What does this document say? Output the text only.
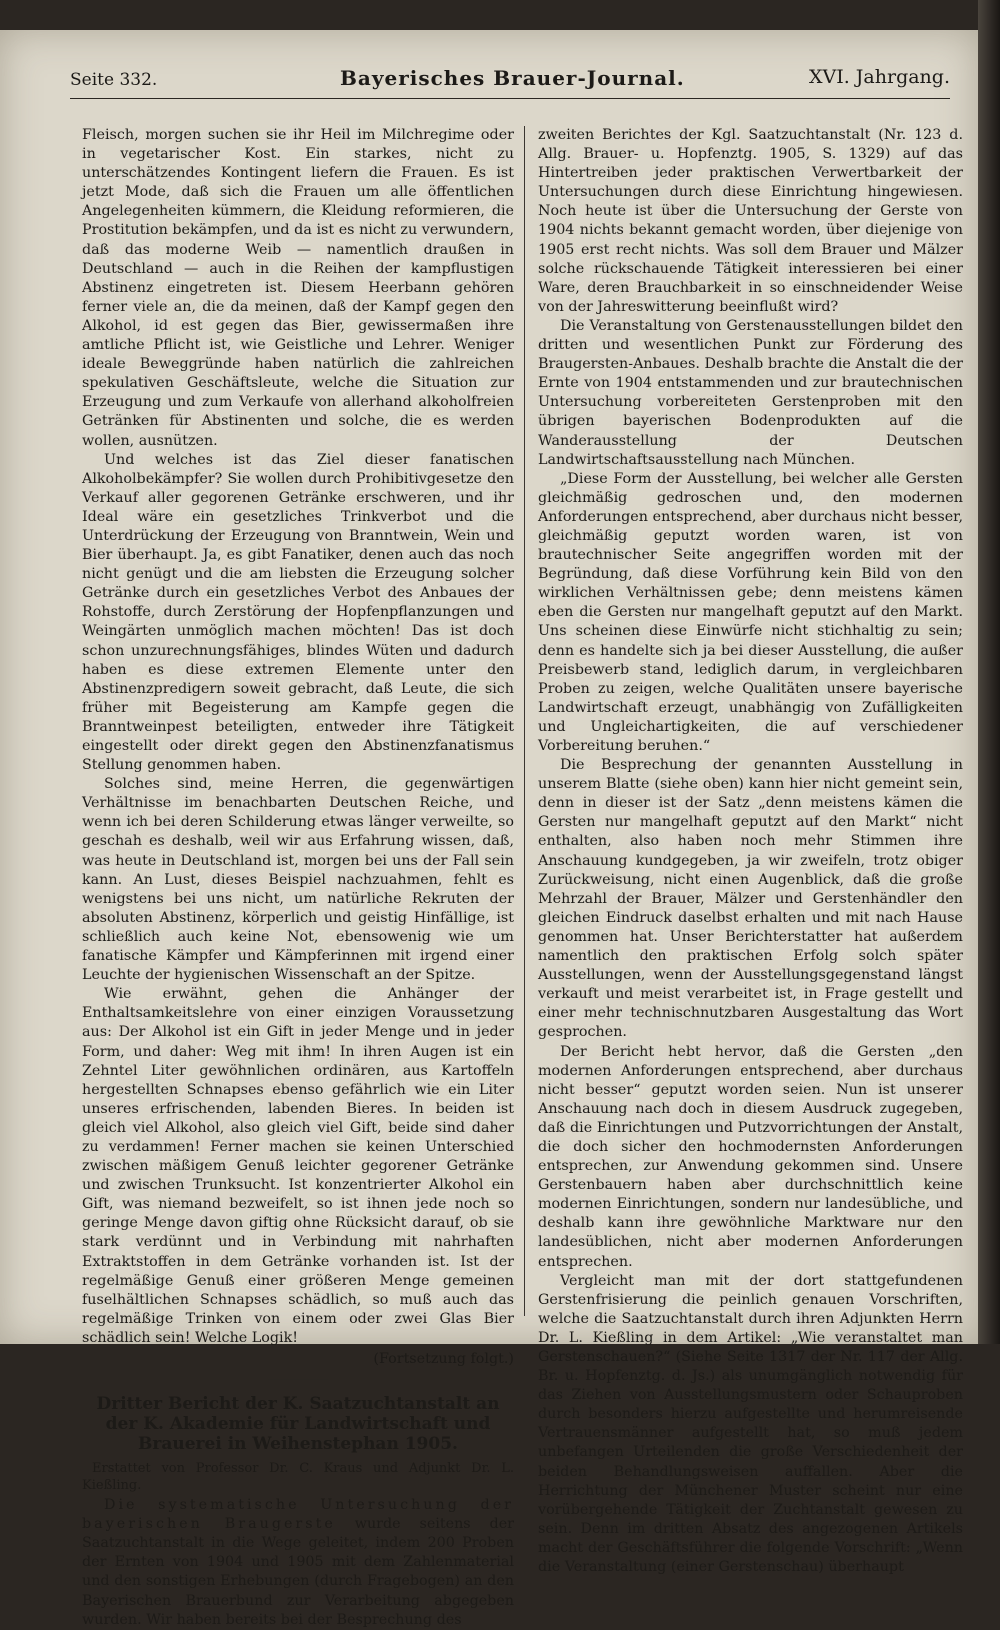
Seite 332.	Bayerisches Brauer-Journal.	XVI. Jahrgang.

Fleisch, morgen suchen sie ihr Heil im Milchregime oder in vegetarischer Kost. Ein starkes, nicht zu unterschätzendes Kontingent liefern die Frauen. Es ist jetzt Mode, daß sich die Frauen um alle öffentlichen Angelegenheiten kümmern, die Kleidung reformieren, die Prostitution bekämpfen, und da ist es nicht zu verwundern, daß das moderne Weib — namentlich draußen in Deutschland — auch in die Reihen der kampflustigen Abstinenz eingetreten ist. Diesem Heerbann gehören ferner viele an, die da meinen, daß der Kampf gegen den Alkohol, id est gegen das Bier, gewissermaßen ihre amtliche Pflicht ist, wie Geistliche und Lehrer. Weniger ideale Beweggründe haben natürlich die zahlreichen spekulativen Geschäftsleute, welche die Situation zur Erzeugung und zum Verkaufe von allerhand alkoholfreien Getränken für Abstinenten und solche, die es werden wollen, ausnützen.

Und welches ist das Ziel dieser fanatischen Alkoholbekämpfer? Sie wollen durch Prohibitivgesetze den Verkauf aller gegorenen Getränke erschweren, und ihr Ideal wäre ein gesetzliches Trinkverbot und die Unterdrückung der Erzeugung von Branntwein, Wein und Bier überhaupt. Ja, es gibt Fanatiker, denen auch das noch nicht genügt und die am liebsten die Erzeugung solcher Getränke durch ein gesetzliches Verbot des Anbaues der Rohstoffe, durch Zerstörung der Hopfenpflanzungen und Weingärten unmöglich machen möchten! Das ist doch schon unzurechnungsfähiges, blindes Wüten und dadurch haben es diese extremen Elemente unter den Abstinenzpredigern soweit gebracht, daß Leute, die sich früher mit Begeisterung am Kampfe gegen die Branntweinpest beteiligten, entweder ihre Tätigkeit eingestellt oder direkt gegen den Abstinenzfanatismus Stellung genommen haben.

Solches sind, meine Herren, die gegenwärtigen Verhältnisse im benachbarten Deutschen Reiche, und wenn ich bei deren Schilderung etwas länger verweilte, so geschah es deshalb, weil wir aus Erfahrung wissen, daß, was heute in Deutschland ist, morgen bei uns der Fall sein kann. An Lust, dieses Beispiel nachzuahmen, fehlt es wenigstens bei uns nicht, um natürliche Rekruten der absoluten Abstinenz, körperlich und geistig Hinfällige, ist schließlich auch keine Not, ebensowenig wie um fanatische Kämpfer und Kämpferinnen mit irgend einer Leuchte der hygienischen Wissenschaft an der Spitze.

Wie erwähnt, gehen die Anhänger der Enthaltsamkeitslehre von einer einzigen Voraussetzung aus: Der Alkohol ist ein Gift in jeder Menge und in jeder Form, und daher: Weg mit ihm! In ihren Augen ist ein Zehntel Liter gewöhnlichen ordinären, aus Kartoffeln hergestellten Schnapses ebenso gefährlich wie ein Liter unseres erfrischenden, labenden Bieres. In beiden ist gleich viel Alkohol, also gleich viel Gift, beide sind daher zu verdammen! Ferner machen sie keinen Unterschied zwischen mäßigem Genuß leichter gegorener Getränke und zwischen Trunksucht. Ist konzentrierter Alkohol ein Gift, was niemand bezweifelt, so ist ihnen jede noch so geringe Menge davon giftig ohne Rücksicht darauf, ob sie stark verdünnt und in Verbindung mit nahrhaften Extraktstoffen in dem Getränke vorhanden ist. Ist der regelmäßige Genuß einer größeren Menge gemeinen fuselhältlichen Schnapses schädlich, so muß auch das regelmäßige Trinken von einem oder zwei Glas Bier schädlich sein! Welche Logik!

(Fortsetzung folgt.)
Dritter Bericht der K. Saatzuchtanstalt an der K. Akademie für Landwirtschaft und Brauerei in Weihenstephan 1905.
Erstattet von Professor Dr. C. Kraus und Adjunkt Dr. L. Kießling.

Die systematische Untersuchung der bayerischen Braugerste wurde seitens der Saatzuchtanstalt in die Wege geleitet, indem 200 Proben der Ernten von 1904 und 1905 mit dem Zahlenmaterial und den sonstigen Erhebungen (durch Fragebogen) an den Bayerischen Brauerbund zur Verarbeitung abgegeben wurden. Wir haben bereits bei der Besprechung des

zweiten Berichtes der Kgl. Saatzuchtanstalt (Nr. 123 d. Allg. Brauer- u. Hopfenztg. 1905, S. 1329) auf das Hintertreiben jeder praktischen Verwertbarkeit der Untersuchungen durch diese Einrichtung hingewiesen. Noch heute ist über die Untersuchung der Gerste von 1904 nichts bekannt gemacht worden, über diejenige von 1905 erst recht nichts. Was soll dem Brauer und Mälzer solche rückschauende Tätigkeit interessieren bei einer Ware, deren Brauchbarkeit in so einschneidender Weise von der Jahreswitterung beeinflußt wird?

Die Veranstaltung von Gerstenausstellungen bildet den dritten und wesentlichen Punkt zur Förderung des Braugersten-Anbaues. Deshalb brachte die Anstalt die der Ernte von 1904 entstammenden und zur brautechnischen Untersuchung vorbereiteten Gerstenproben mit den übrigen bayerischen Bodenprodukten auf die Wanderausstellung der Deutschen Landwirtschaftsausstellung nach München.

„Diese Form der Ausstellung, bei welcher alle Gersten gleichmäßig gedroschen und, den modernen Anforderungen entsprechend, aber durchaus nicht besser, gleichmäßig geputzt worden waren, ist von brautechnischer Seite angegriffen worden mit der Begründung, daß diese Vorführung kein Bild von den wirklichen Verhältnissen gebe; denn meistens kämen eben die Gersten nur mangelhaft geputzt auf den Markt. Uns scheinen diese Einwürfe nicht stichhaltig zu sein; denn es handelte sich ja bei dieser Ausstellung, die außer Preisbewerb stand, lediglich darum, in vergleichbaren Proben zu zeigen, welche Qualitäten unsere bayerische Landwirtschaft erzeugt, unabhängig von Zufälligkeiten und Ungleichartigkeiten, die auf verschiedener Vorbereitung beruhen.“

Die Besprechung der genannten Ausstellung in unserem Blatte (siehe oben) kann hier nicht gemeint sein, denn in dieser ist der Satz „denn meistens kämen die Gersten nur mangelhaft geputzt auf den Markt“ nicht enthalten, also haben noch mehr Stimmen ihre Anschauung kundgegeben, ja wir zweifeln, trotz obiger Zurückweisung, nicht einen Augenblick, daß die große Mehrzahl der Brauer, Mälzer und Gerstenhändler den gleichen Eindruck daselbst erhalten und mit nach Hause genommen hat. Unser Berichterstatter hat außerdem namentlich den praktischen Erfolg solch später Ausstellungen, wenn der Ausstellungsgegenstand längst verkauft und meist verarbeitet ist, in Frage gestellt und einer mehr technischnutzbaren Ausgestaltung das Wort gesprochen.

Der Bericht hebt hervor, daß die Gersten „den modernen Anforderungen entsprechend, aber durchaus nicht besser“ geputzt worden seien. Nun ist unserer Anschauung nach doch in diesem Ausdruck zugegeben, daß die Einrichtungen und Putzvorrichtungen der Anstalt, die doch sicher den hochmodernsten Anforderungen entsprechen, zur Anwendung gekommen sind. Unsere Gerstenbauern haben aber durchschnittlich keine modernen Einrichtungen, sondern nur landesübliche, und deshalb kann ihre gewöhnliche Marktware nur den landesüblichen, nicht aber modernen Anforderungen entsprechen.

Vergleicht man mit der dort stattgefundenen Gerstenfrisierung die peinlich genauen Vorschriften, welche die Saatzuchtanstalt durch ihren Adjunkten Herrn Dr. L. Kießling in dem Artikel: „Wie veranstaltet man Gerstenschauen?“ (Siehe Seite 1317 der Nr. 117 der Allg. Br. u. Hopfenztg. d. Js.) als unumgänglich notwendig für das Ziehen von Ausstellungsmustern oder Schauproben durch besonders hierzu aufgestellte und herumreisende Vertrauensmänner aufgestellt hat, so muß jedem unbefangen Urteilenden die große Verschiedenheit der beiden Behandlungsweisen auffallen. Aber die Herrichtung der Münchener Muster scheint nur eine vorübergehende Tätigkeit der Zuchtanstalt gewesen zu sein. Denn im dritten Absatz des angezogenen Artikels macht der Geschäftsführer die folgende Vorschrift: „Wenn die Veranstaltung (einer Gerstenschau) überhaupt
